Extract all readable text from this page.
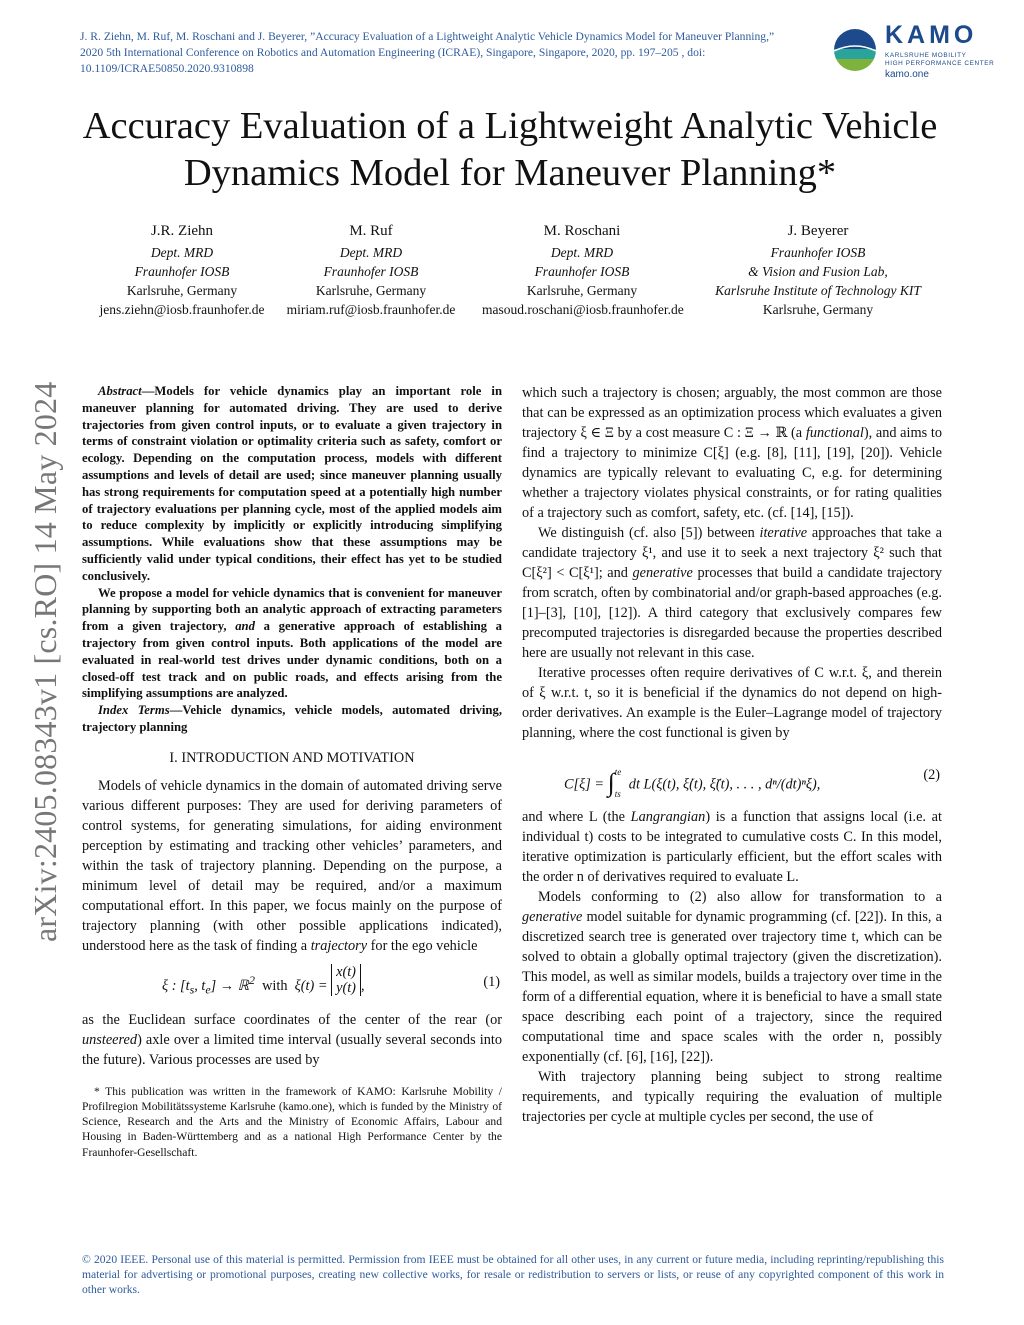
J. R. Ziehn, M. Ruf, M. Roschani and J. Beyerer, ”Accuracy Evaluation of a Lightweight Analytic Vehicle Dynamics Model for Maneuver Planning,” 2020 5th International Conference on Robotics and Automation Engineering (ICRAE), Singapore, Singapore, 2020, pp. 197–205 , doi: 10.1109/ICRAE50850.2020.9310898
KAMO
KARLSRUHE MOBILITY
HIGH PERFORMANCE CENTER
kamo.one
arXiv:2405.08343v1 [cs.RO] 14 May 2024
Accuracy Evaluation of a Lightweight Analytic Vehicle Dynamics Model for Maneuver Planning*
J.R. Ziehn
Dept. MRD
Fraunhofer IOSB
Karlsruhe, Germany
jens.ziehn@iosb.fraunhofer.de
M. Ruf
Dept. MRD
Fraunhofer IOSB
Karlsruhe, Germany
miriam.ruf@iosb.fraunhofer.de
M. Roschani
Dept. MRD
Fraunhofer IOSB
Karlsruhe, Germany
masoud.roschani@iosb.fraunhofer.de
J. Beyerer
Fraunhofer IOSB
& Vision and Fusion Lab,
Karlsruhe Institute of Technology KIT
Karlsruhe, Germany

Abstract—Models for vehicle dynamics play an important role in maneuver planning for automated driving. They are used to derive trajectories from given control inputs, or to evaluate a given trajectory in terms of constraint violation or optimality criteria such as safety, comfort or ecology. Depending on the computation process, models with different assumptions and levels of detail are used; since maneuver planning usually has strong requirements for computation speed at a potentially high number of trajectory evaluations per planning cycle, most of the applied models aim to reduce complexity by implicitly or explicitly introducing simplifying assumptions. While evaluations show that these assumptions may be sufficiently valid under typical conditions, their effect has yet to be studied conclusively.

We propose a model for vehicle dynamics that is convenient for maneuver planning by supporting both an analytic approach of extracting parameters from a given trajectory, and a generative approach of establishing a trajectory from given control inputs. Both applications of the model are evaluated in real-world test drives under dynamic conditions, both on a closed-off test track and on public roads, and effects arising from the simplifying assumptions are analyzed.

Index Terms—Vehicle dynamics, vehicle models, automated driving, trajectory planning

I. INTRODUCTION AND MOTIVATION

Models of vehicle dynamics in the domain of automated driving serve various different purposes: They are used for deriving parameters of control systems, for generating simulations, for aiding environment perception by estimating and tracking other vehicles’ parameters, and within the task of trajectory planning. Depending on the purpose, a minimum level of detail may be required, and/or a maximum computational effort. In this paper, we focus mainly on the purpose of trajectory planning (with other possible applications indicated), understood here as the task of finding a trajectory for the ego vehicle

ξ : [$t_s$, $t_e$] → ℝ$^2$ with ξ(t) =
x(t)
y(t) ,	(1)

as the Euclidean surface coordinates of the center of the rear (or unsteered) axle over a limited time interval (usually several seconds into the future). Various processes are used by

* This publication was written in the framework of KAMO: Karlsruhe Mobility / Profilregion Mobilitätssysteme Karlsruhe (kamo.one), which is funded by the Ministry of Science, Research and the Arts and the Ministry of Economic Affairs, Labour and Housing in Baden-Württemberg and as a national High Performance Center by the Fraunhofer-Gesellschaft.

which such a trajectory is chosen; arguably, the most common are those that can be expressed as an optimization process which evaluates a given trajectory ξ ∈ Ξ by a cost measure C : Ξ → ℝ (a functional), and aims to find a trajectory to minimize C[ξ] (e.g. [8], [11], [19], [20]). Vehicle dynamics are typically relevant to evaluating C, e.g. for determining whether a trajectory violates physical constraints, or for rating qualities of a trajectory such as comfort, safety, etc. (cf. [14], [15]).

We distinguish (cf. also [5]) between iterative approaches that take a candidate trajectory ξ¹, and use it to seek a next trajectory ξ² such that C[ξ²] < C[ξ¹]; and generative processes that build a candidate trajectory from scratch, often by combinatorial and/or graph-based approaches (e.g. [1]–[3], [10], [12]). A third category that exclusively compares few precomputed trajectories is disregarded because the properties described here are usually not relevant in this case.

Iterative processes often require derivatives of C w.r.t. ξ, and therein of ξ w.r.t. t, so it is beneficial if the dynamics do not depend on high-order derivatives. An example is the Euler–Lagrange model of trajectory planning, where the cost functional is given by

C[ξ] = ∫ te
ts
dt L(ξ(t), ξ̇(t), ξ̈(t), . . . , dⁿ/(dt)ⁿξ),
(2)

and where L (the Langrangian) is a function that assigns local (i.e. at individual t) costs to be integrated to cumulative costs C. In this model, iterative optimization is particularly efficient, but the effort scales with the order n of derivatives required to evaluate L.

Models conforming to (2) also allow for transformation to a generative model suitable for dynamic programming (cf. [22]). In this, a discretized search tree is generated over trajectory time t, which can be solved to obtain a globally optimal trajectory (given the discretization). This model, as well as similar models, builds a trajectory over time in the form of a differential equation, where it is beneficial to have a small state space describing each point of a trajectory, since the required computational time and space scales with the order n, possibly exponentially (cf. [6], [16], [22]).

With trajectory planning being subject to strong realtime requirements, and typically requiring the evaluation of multiple trajectories per cycle at multiple cycles per second, the use of

© 2020 IEEE. Personal use of this material is permitted. Permission from IEEE must be obtained for all other uses, in any current or future media, including reprinting/republishing this material for advertising or promotional purposes, creating new collective works, for resale or redistribution to servers or lists, or reuse of any copyrighted component of this work in other works.
